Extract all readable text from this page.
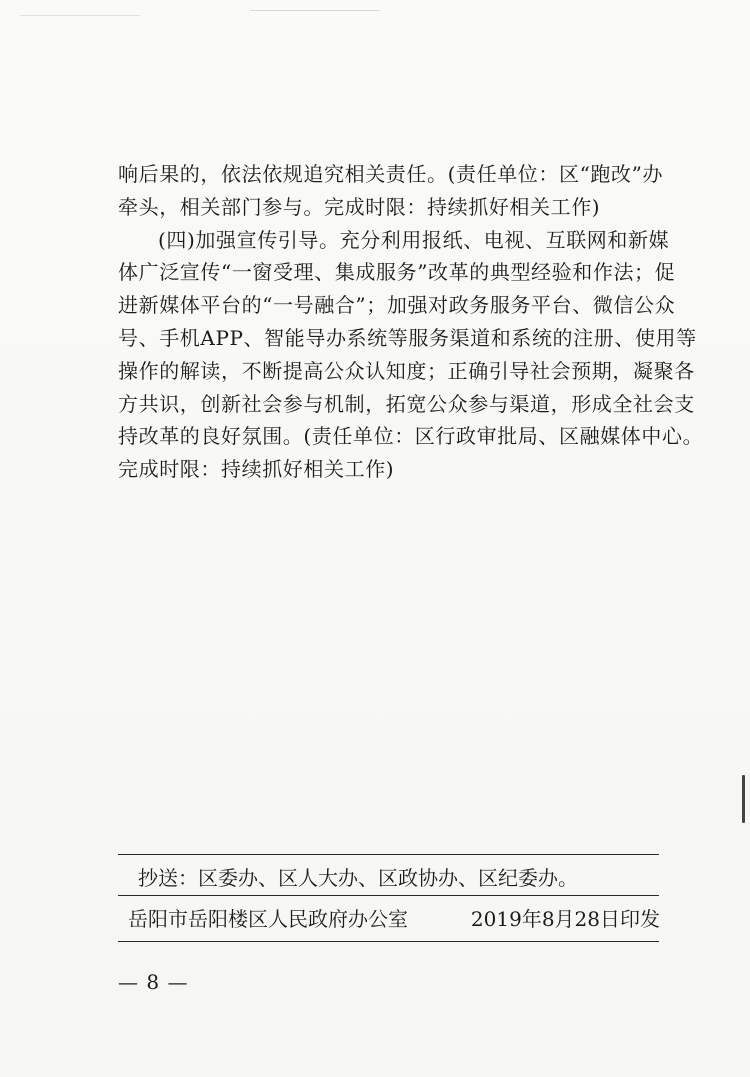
响后果的，依法依规追究相关责任。(责任单位：区“跑改”办
牵头，相关部门参与。完成时限：持续抓好相关工作)
(四)加强宣传引导。充分利用报纸、电视、互联网和新媒
体广泛宣传“一窗受理、集成服务”改革的典型经验和作法；促
进新媒体平台的“一号融合”；加强对政务服务平台、微信公众
号、手机APP、智能导办系统等服务渠道和系统的注册、使用等
操作的解读，不断提高公众认知度；正确引导社会预期，凝聚各
方共识，创新社会参与机制，拓宽公众参与渠道，形成全社会支
持改革的良好氛围。(责任单位：区行政审批局、区融媒体中心。
完成时限：持续抓好相关工作)
抄送：区委办、区人大办、区政协办、区纪委办。
岳阳市岳阳楼区人民政府办公室	2019年8月28日印发
— 8 —
